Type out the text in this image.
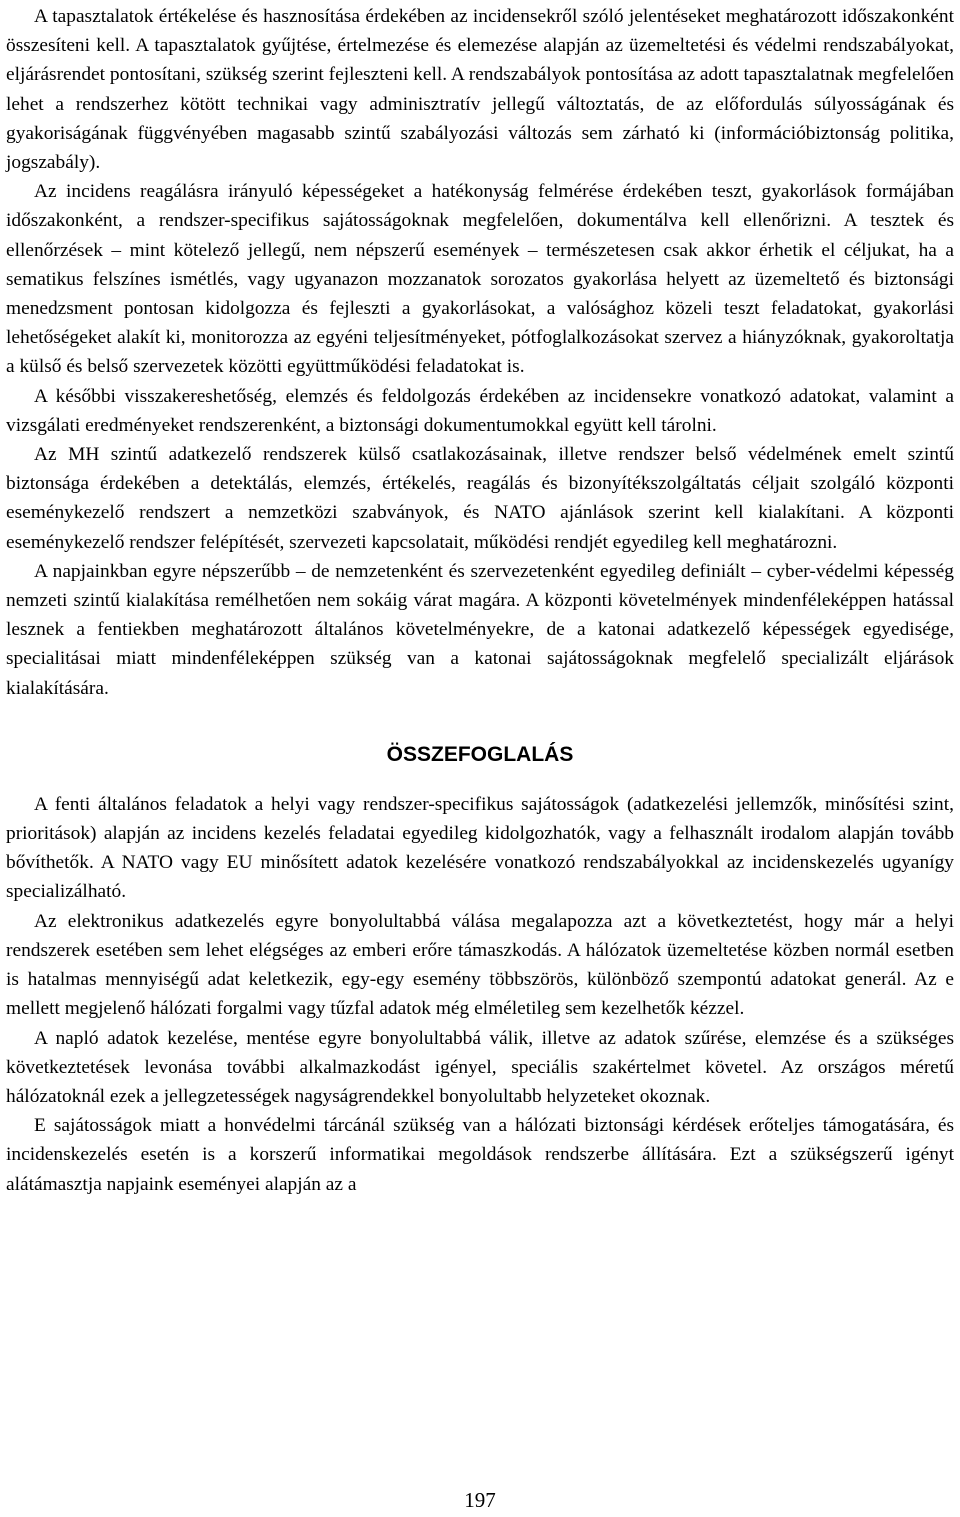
A tapasztalatok értékelése és hasznosítása érdekében az incidensekről szóló jelentéseket meghatározott időszakonként összesíteni kell. A tapasztalatok gyűjtése, értelmezése és elemezése alapján az üzemeltetési és védelmi rendszabályokat, eljárásrendet pontosítani, szükség szerint fejleszteni kell. A rendszabályok pontosítása az adott tapasztalatnak megfelelően lehet a rendszerhez kötött technikai vagy adminisztratív jellegű változtatás, de az előfordulás súlyosságának és gyakoriságának függvényében magasabb szintű szabályozási változás sem zárható ki (információbiztonság politika, jogszabály).

Az incidens reagálásra irányuló képességeket a hatékonyság felmérése érdekében teszt, gyakorlások formájában időszakonként, a rendszer-specifikus sajátosságoknak megfelelően, dokumentálva kell ellenőrizni. A tesztek és ellenőrzések – mint kötelező jellegű, nem népszerű események – természetesen csak akkor érhetik el céljukat, ha a sematikus felszínes ismétlés, vagy ugyanazon mozzanatok sorozatos gyakorlása helyett az üzemeltető és biztonsági menedzsment pontosan kidolgozza és fejleszti a gyakorlásokat, a valósághoz közeli teszt feladatokat, gyakorlási lehetőségeket alakít ki, monitorozza az egyéni teljesítményeket, pótfoglalkozásokat szervez a hiányzóknak, gyakoroltatja a külső és belső szervezetek közötti együttműködési feladatokat is.

A későbbi visszakereshetőség, elemzés és feldolgozás érdekében az incidensekre vonatkozó adatokat, valamint a vizsgálati eredményeket rendszerenként, a biztonsági dokumentumokkal együtt kell tárolni.

Az MH szintű adatkezelő rendszerek külső csatlakozásainak, illetve rendszer belső védelmének emelt szintű biztonsága érdekében a detektálás, elemzés, értékelés, reagálás és bizonyítékszolgáltatás céljait szolgáló központi eseménykezelő rendszert a nemzetközi szabványok, és NATO ajánlások szerint kell kialakítani. A központi eseménykezelő rendszer felépítését, szervezeti kapcsolatait, működési rendjét egyedileg kell meghatározni.

A napjainkban egyre népszerűbb – de nemzetenként és szervezetenként egyedileg definiált – cyber-védelmi képesség nemzeti szintű kialakítása remélhetően nem sokáig várat magára. A központi követelmények mindenféleképpen hatással lesznek a fentiekben meghatározott általános követelményekre, de a katonai adatkezelő képességek egyedisége, specialitásai miatt mindenféleképpen szükség van a katonai sajátosságoknak megfelelő specializált eljárások kialakítására.

ÖSSZEFOGLALÁS

A fenti általános feladatok a helyi vagy rendszer-specifikus sajátosságok (adatkezelési jellemzők, minősítési szint, prioritások) alapján az incidens kezelés feladatai egyedileg kidolgozhatók, vagy a felhasznált irodalom alapján tovább bővíthetők. A NATO vagy EU minősített adatok kezelésére vonatkozó rendszabályokkal az incidenskezelés ugyanígy specializálható.

Az elektronikus adatkezelés egyre bonyolultabbá válása megalapozza azt a következtetést, hogy már a helyi rendszerek esetében sem lehet elégséges az emberi erőre támaszkodás. A hálózatok üzemeltetése közben normál esetben is hatalmas mennyiségű adat keletkezik, egy-egy esemény többszörös, különböző szempontú adatokat generál. Az e mellett megjelenő hálózati forgalmi vagy tűzfal adatok még elméletileg sem kezelhetők kézzel.

A napló adatok kezelése, mentése egyre bonyolultabbá válik, illetve az adatok szűrése, elemzése és a szükséges következtetések levonása további alkalmazkodást igényel, speciális szakértelmet követel. Az országos méretű hálózatoknál ezek a jellegzetességek nagyságrendekkel bonyolultabb helyzeteket okoznak.

E sajátosságok miatt a honvédelmi tárcánál szükség van a hálózati biztonsági kérdések erőteljes támogatására, és incidenskezelés esetén is a korszerű informatikai megoldások rendszerbe állítására. Ezt a szükségszerű igényt alátámasztja napjaink eseményei alapján az a

197
